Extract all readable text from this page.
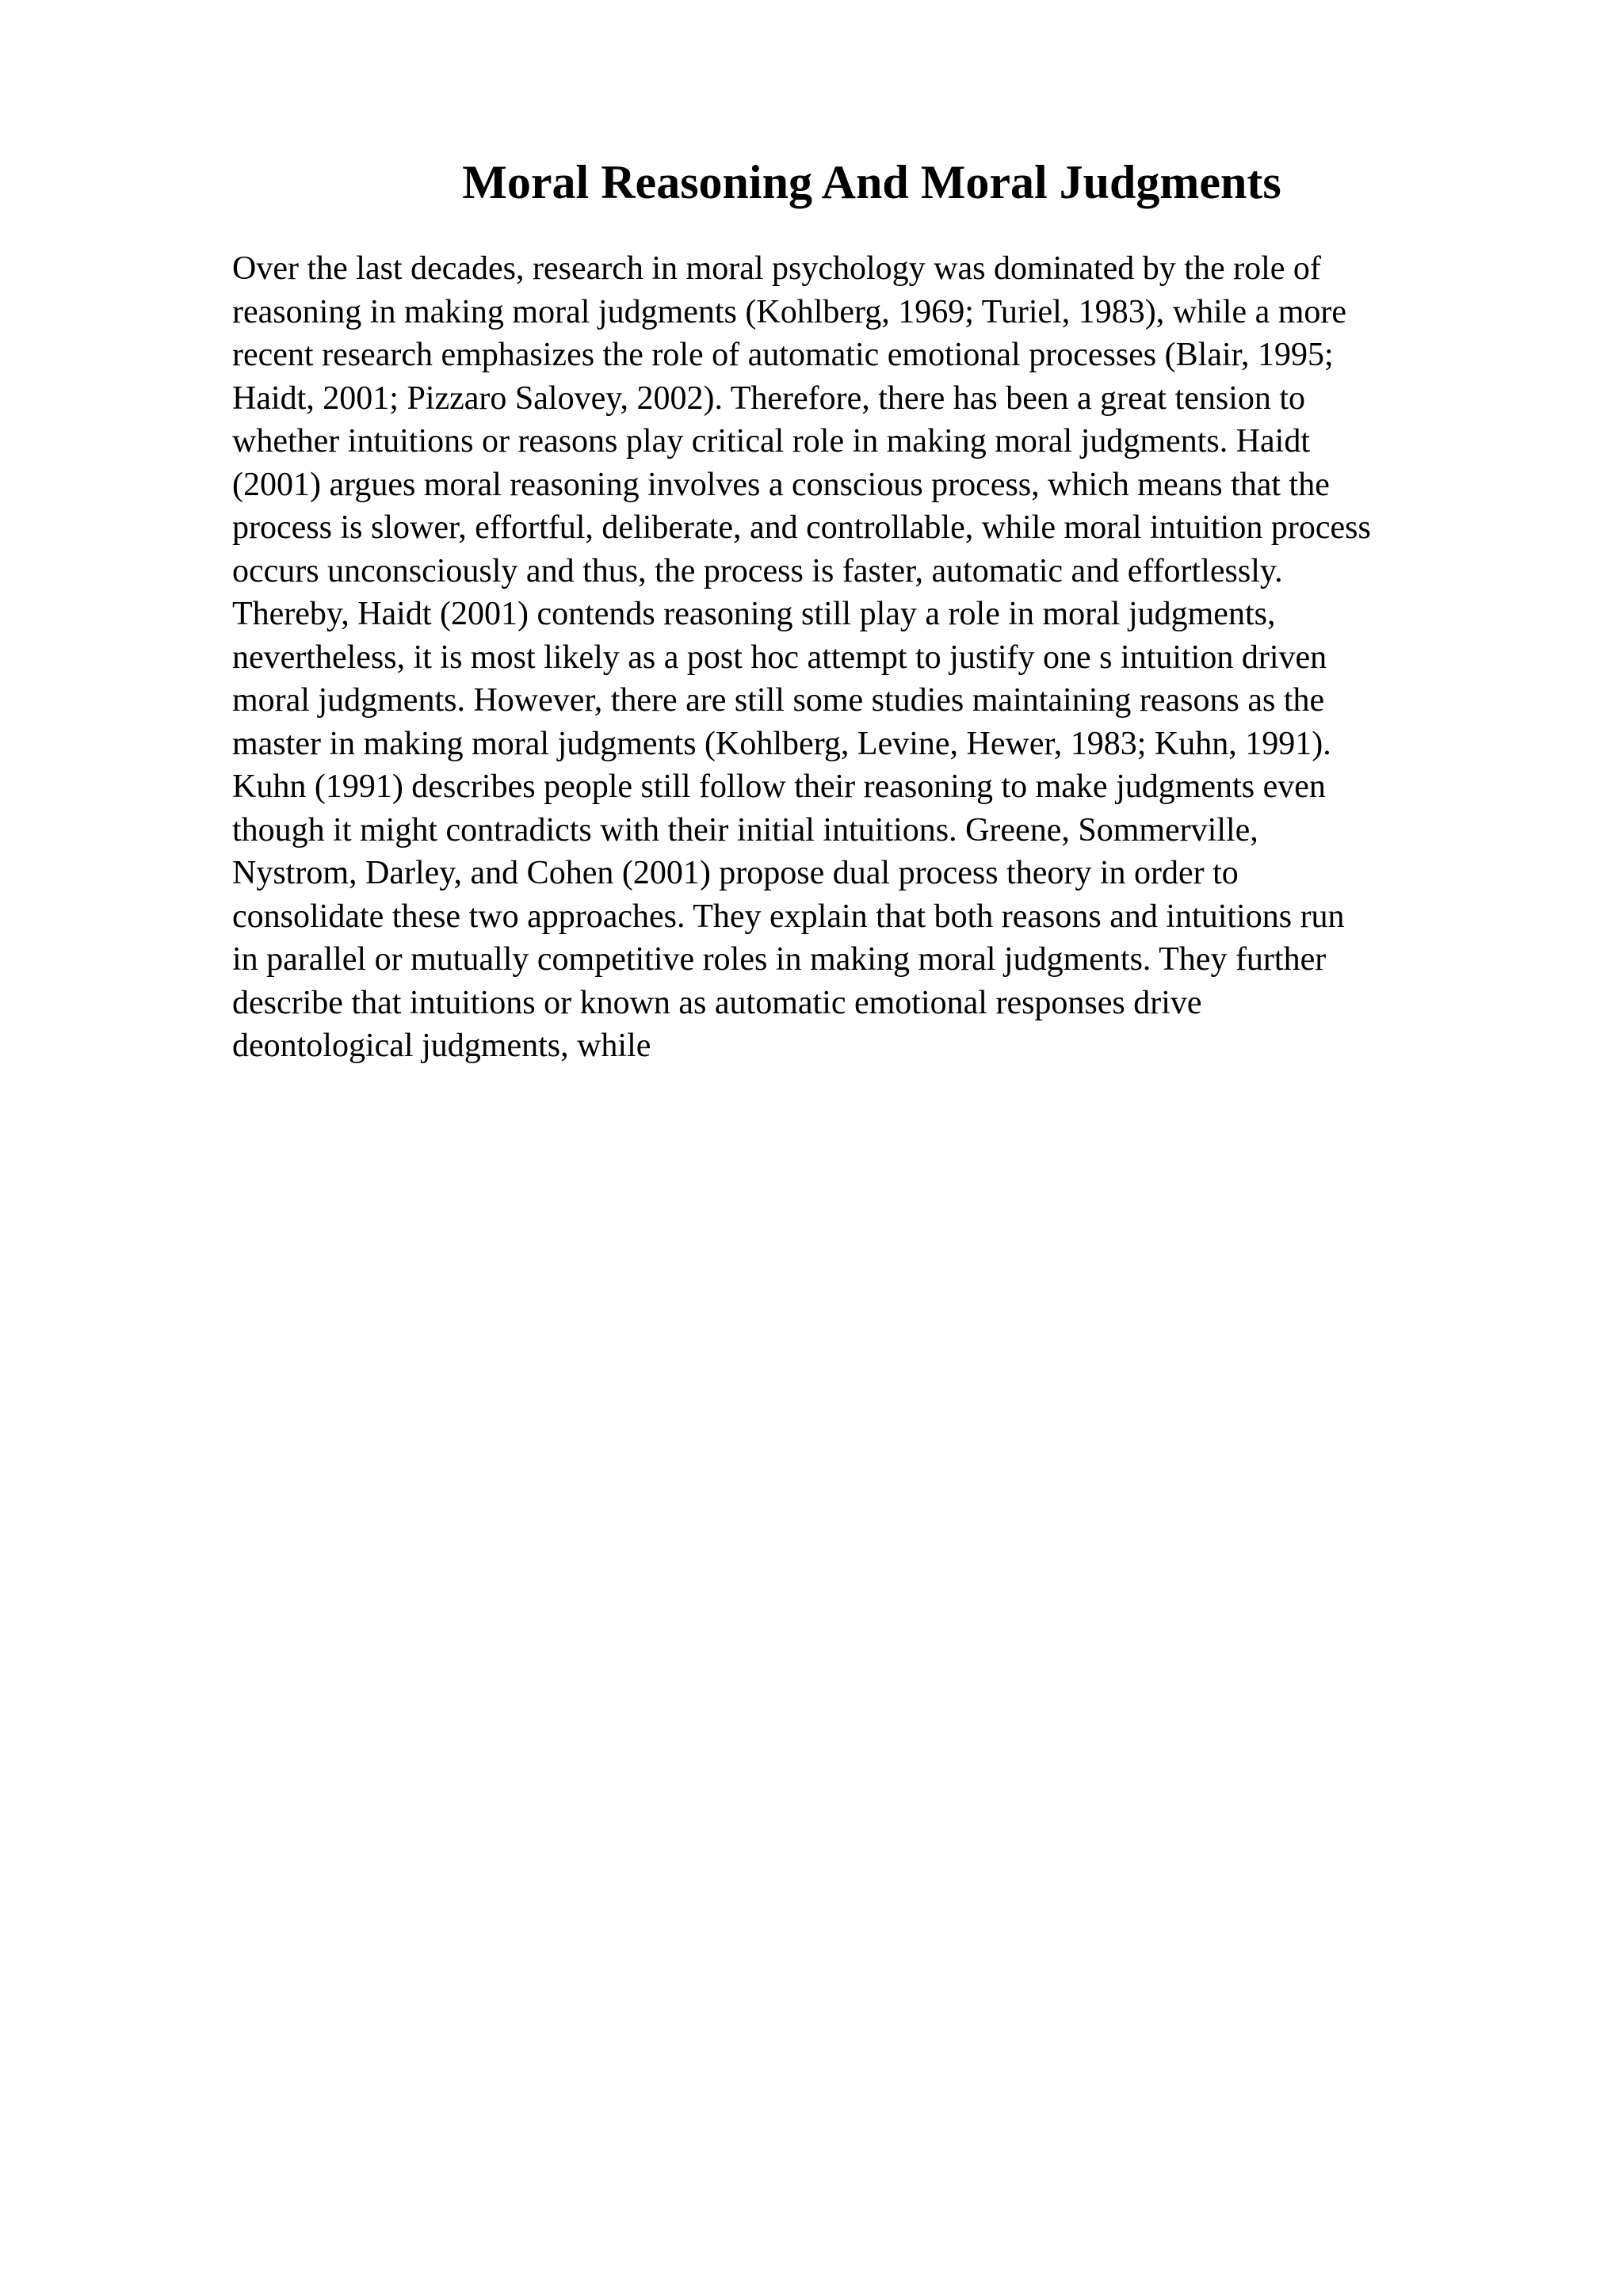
Moral Reasoning And Moral Judgments
Over the last decades, research in moral psychology was dominated by the role of
reasoning in making moral judgments (Kohlberg, 1969; Turiel, 1983), while a more
recent research emphasizes the role of automatic emotional processes (Blair, 1995;
Haidt, 2001; Pizzaro Salovey, 2002). Therefore, there has been a great tension to
whether intuitions or reasons play critical role in making moral judgments. Haidt
(2001) argues moral reasoning involves a conscious process, which means that the
process is slower, effortful, deliberate, and controllable, while moral intuition process
occurs unconsciously and thus, the process is faster, automatic and effortlessly.
Thereby, Haidt (2001) contends reasoning still play a role in moral judgments,
nevertheless, it is most likely as a post hoc attempt to justify one s intuition driven
moral judgments. However, there are still some studies maintaining reasons as the
master in making moral judgments (Kohlberg, Levine, Hewer, 1983; Kuhn, 1991).
Kuhn (1991) describes people still follow their reasoning to make judgments even
though it might contradicts with their initial intuitions. Greene, Sommerville,
Nystrom, Darley, and Cohen (2001) propose dual process theory in order to
consolidate these two approaches. They explain that both reasons and intuitions run
in parallel or mutually competitive roles in making moral judgments. They further
describe that intuitions or known as automatic emotional responses drive
deontological judgments, while
